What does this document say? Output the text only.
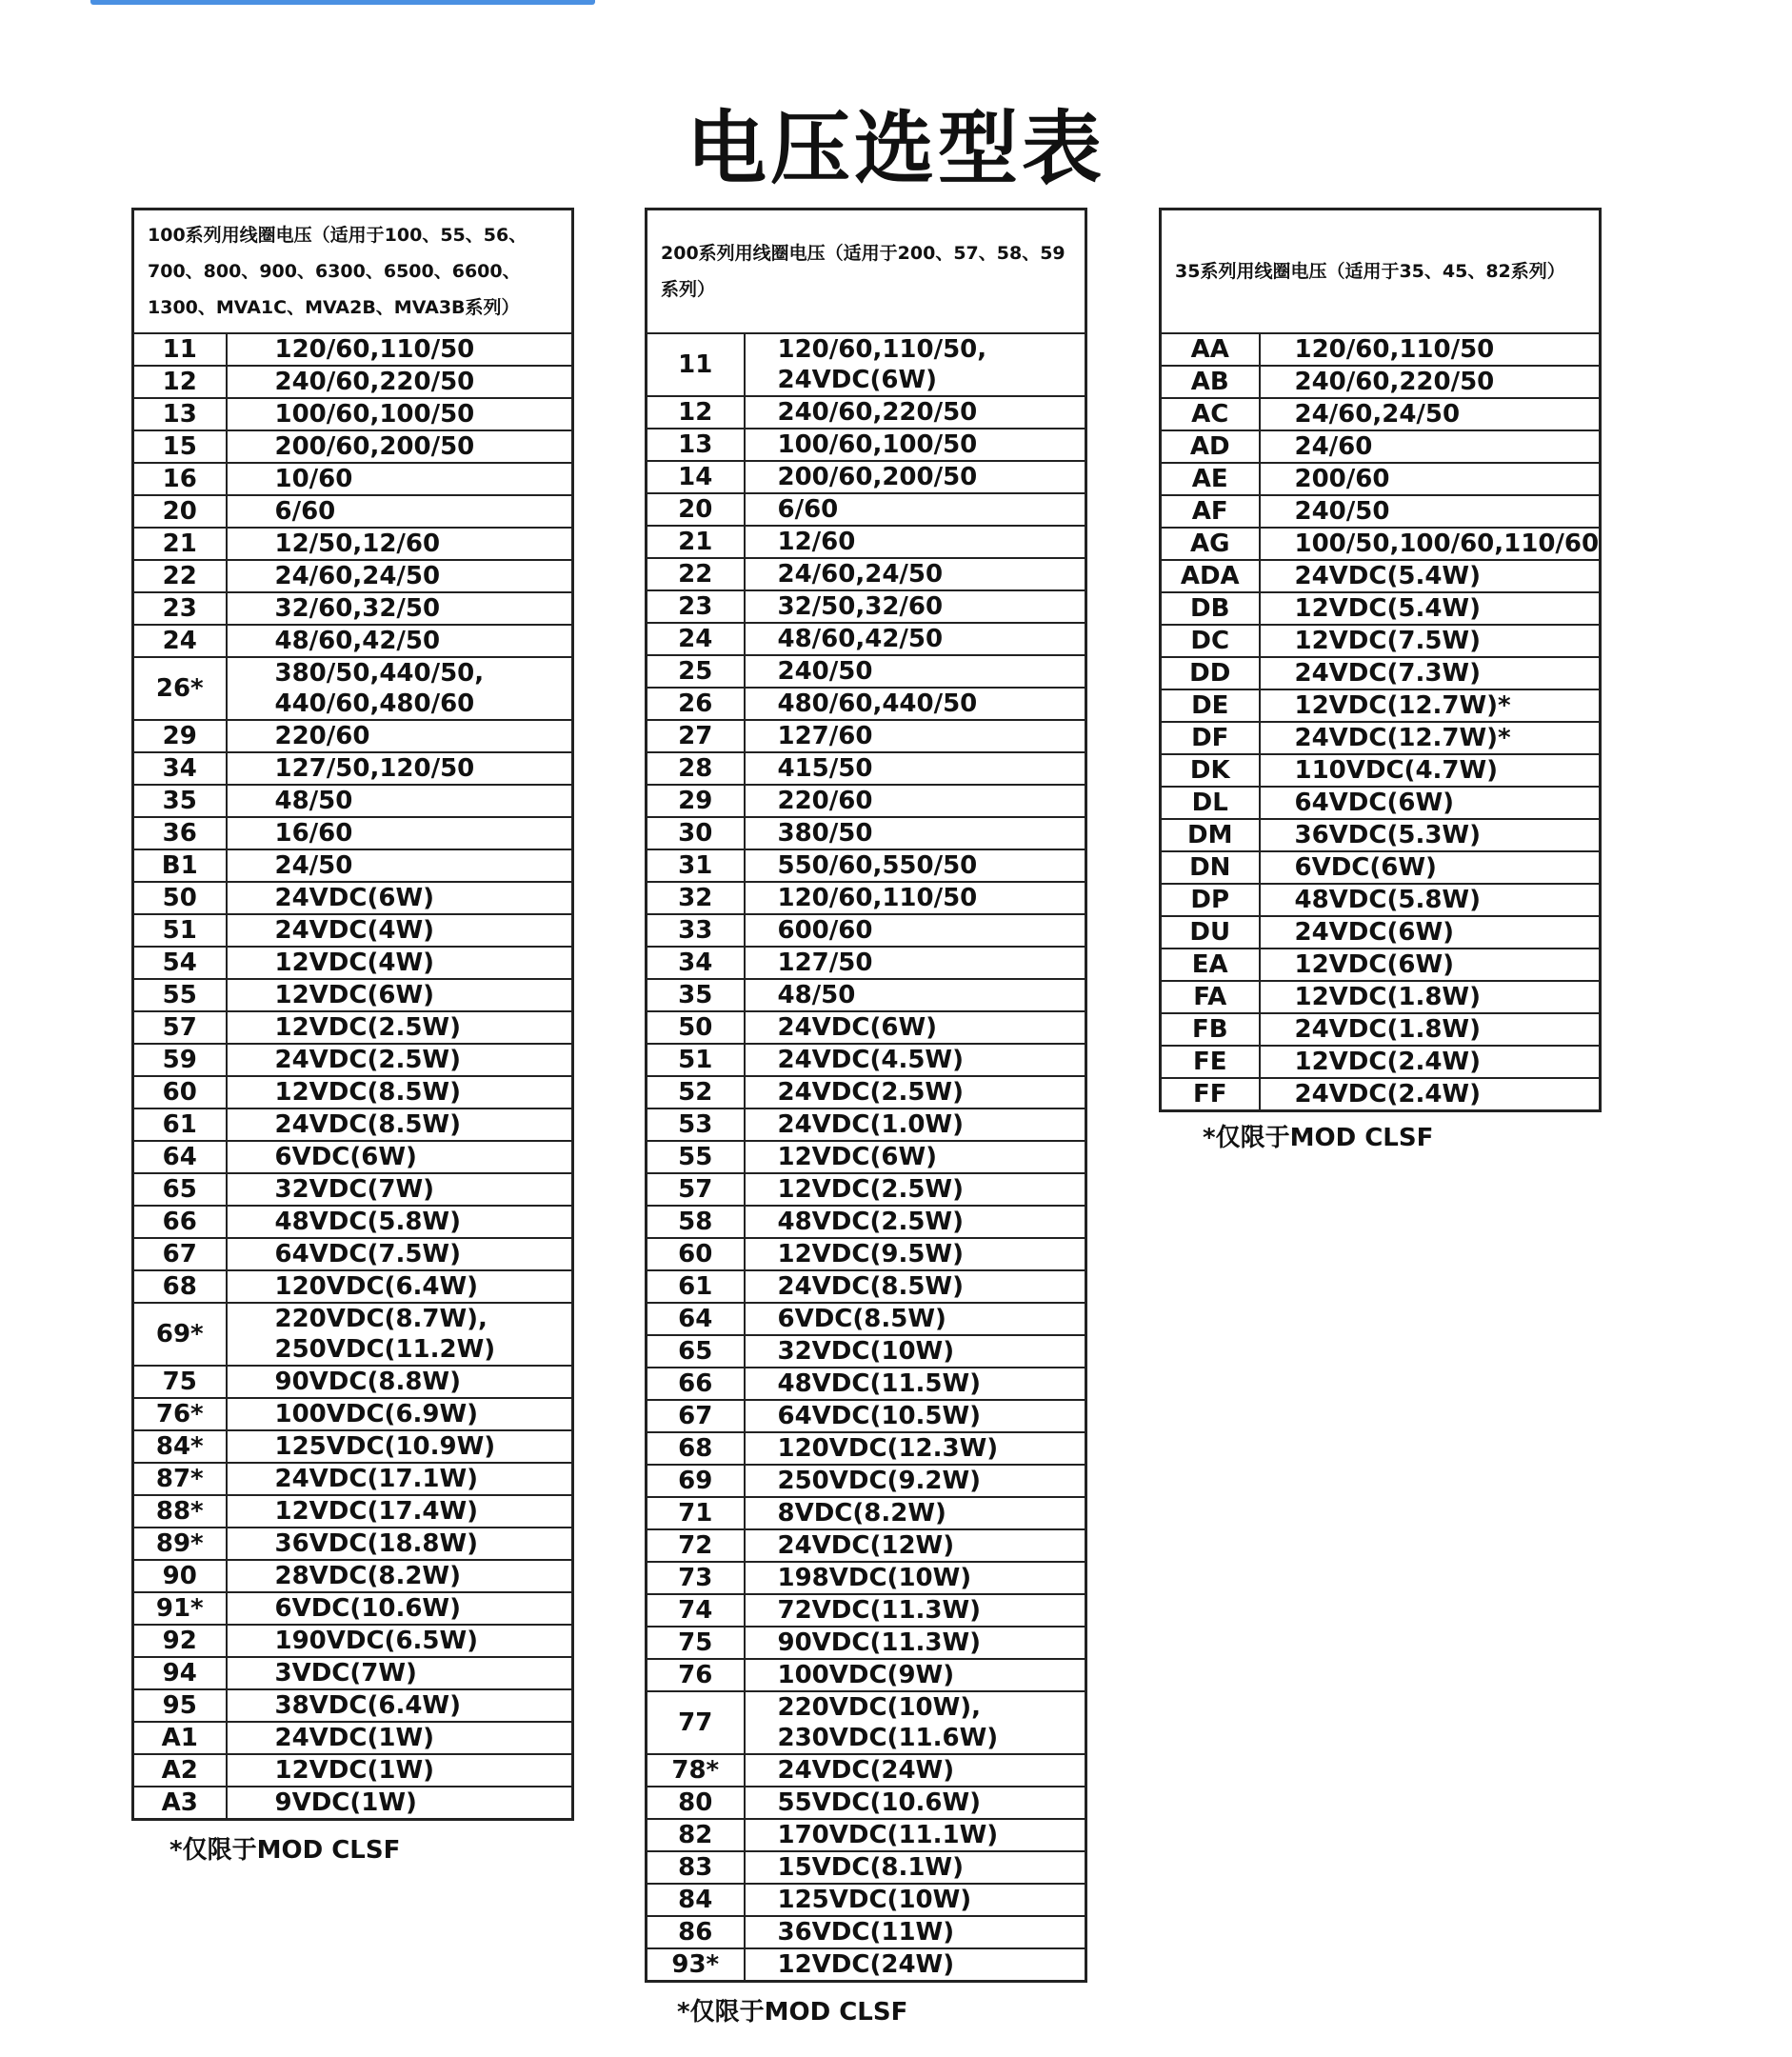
电压选型表
100系列用线圈电压（适用于100、55、56、700、800、900、6300、6500、6600、1300、MVA1C、MVA2B、MVA3B系列）	
11	120/60,110/50
12	240/60,220/50
13	100/60,100/50
15	200/60,200/50
16	10/60
20	6/60
21	12/50,12/60
22	24/60,24/50
23	32/60,32/50
24	48/60,42/50
26*	380/50,440/50,
440/60,480/60
29	220/60
34	127/50,120/50
35	48/50
36	16/60
B1	24/50
50	24VDC(6W)
51	24VDC(4W)
54	12VDC(4W)
55	12VDC(6W)
57	12VDC(2.5W)
59	24VDC(2.5W)
60	12VDC(8.5W)
61	24VDC(8.5W)
64	6VDC(6W)
65	32VDC(7W)
66	48VDC(5.8W)
67	64VDC(7.5W)
68	120VDC(6.4W)
69*	220VDC(8.7W),
250VDC(11.2W)
75	90VDC(8.8W)
76*	100VDC(6.9W)
84*	125VDC(10.9W)
87*	24VDC(17.1W)
88*	12VDC(17.4W)
89*	36VDC(18.8W)
90	28VDC(8.2W)
91*	6VDC(10.6W)
92	190VDC(6.5W)
94	3VDC(7W)
95	38VDC(6.4W)
A1	24VDC(1W)
A2	12VDC(1W)
A3	9VDC(1W)
*仅限于MOD CLSF
200系列用线圈电压（适用于200、57、58、59系列）	
11	120/60,110/50,
24VDC(6W)
12	240/60,220/50
13	100/60,100/50
14	200/60,200/50
20	6/60
21	12/60
22	24/60,24/50
23	32/50,32/60
24	48/60,42/50
25	240/50
26	480/60,440/50
27	127/60
28	415/50
29	220/60
30	380/50
31	550/60,550/50
32	120/60,110/50
33	600/60
34	127/50
35	48/50
50	24VDC(6W)
51	24VDC(4.5W)
52	24VDC(2.5W)
53	24VDC(1.0W)
55	12VDC(6W)
57	12VDC(2.5W)
58	48VDC(2.5W)
60	12VDC(9.5W)
61	24VDC(8.5W)
64	6VDC(8.5W)
65	32VDC(10W)
66	48VDC(11.5W)
67	64VDC(10.5W)
68	120VDC(12.3W)
69	250VDC(9.2W)
71	8VDC(8.2W)
72	24VDC(12W)
73	198VDC(10W)
74	72VDC(11.3W)
75	90VDC(11.3W)
76	100VDC(9W)
77	220VDC(10W),
230VDC(11.6W)
78*	24VDC(24W)
80	55VDC(10.6W)
82	170VDC(11.1W)
83	15VDC(8.1W)
84	125VDC(10W)
86	36VDC(11W)
93*	12VDC(24W)
*仅限于MOD CLSF
35系列用线圈电压（适用于35、45、82系列）	
AA	120/60,110/50
AB	240/60,220/50
AC	24/60,24/50
AD	24/60
AE	200/60
AF	240/50
AG	100/50,100/60,110/60
ADA	24VDC(5.4W)
DB	12VDC(5.4W)
DC	12VDC(7.5W)
DD	24VDC(7.3W)
DE	12VDC(12.7W)*
DF	24VDC(12.7W)*
DK	110VDC(4.7W)
DL	64VDC(6W)
DM	36VDC(5.3W)
DN	6VDC(6W)
DP	48VDC(5.8W)
DU	24VDC(6W)
EA	12VDC(6W)
FA	12VDC(1.8W)
FB	24VDC(1.8W)
FE	12VDC(2.4W)
FF	24VDC(2.4W)
*仅限于MOD CLSF
